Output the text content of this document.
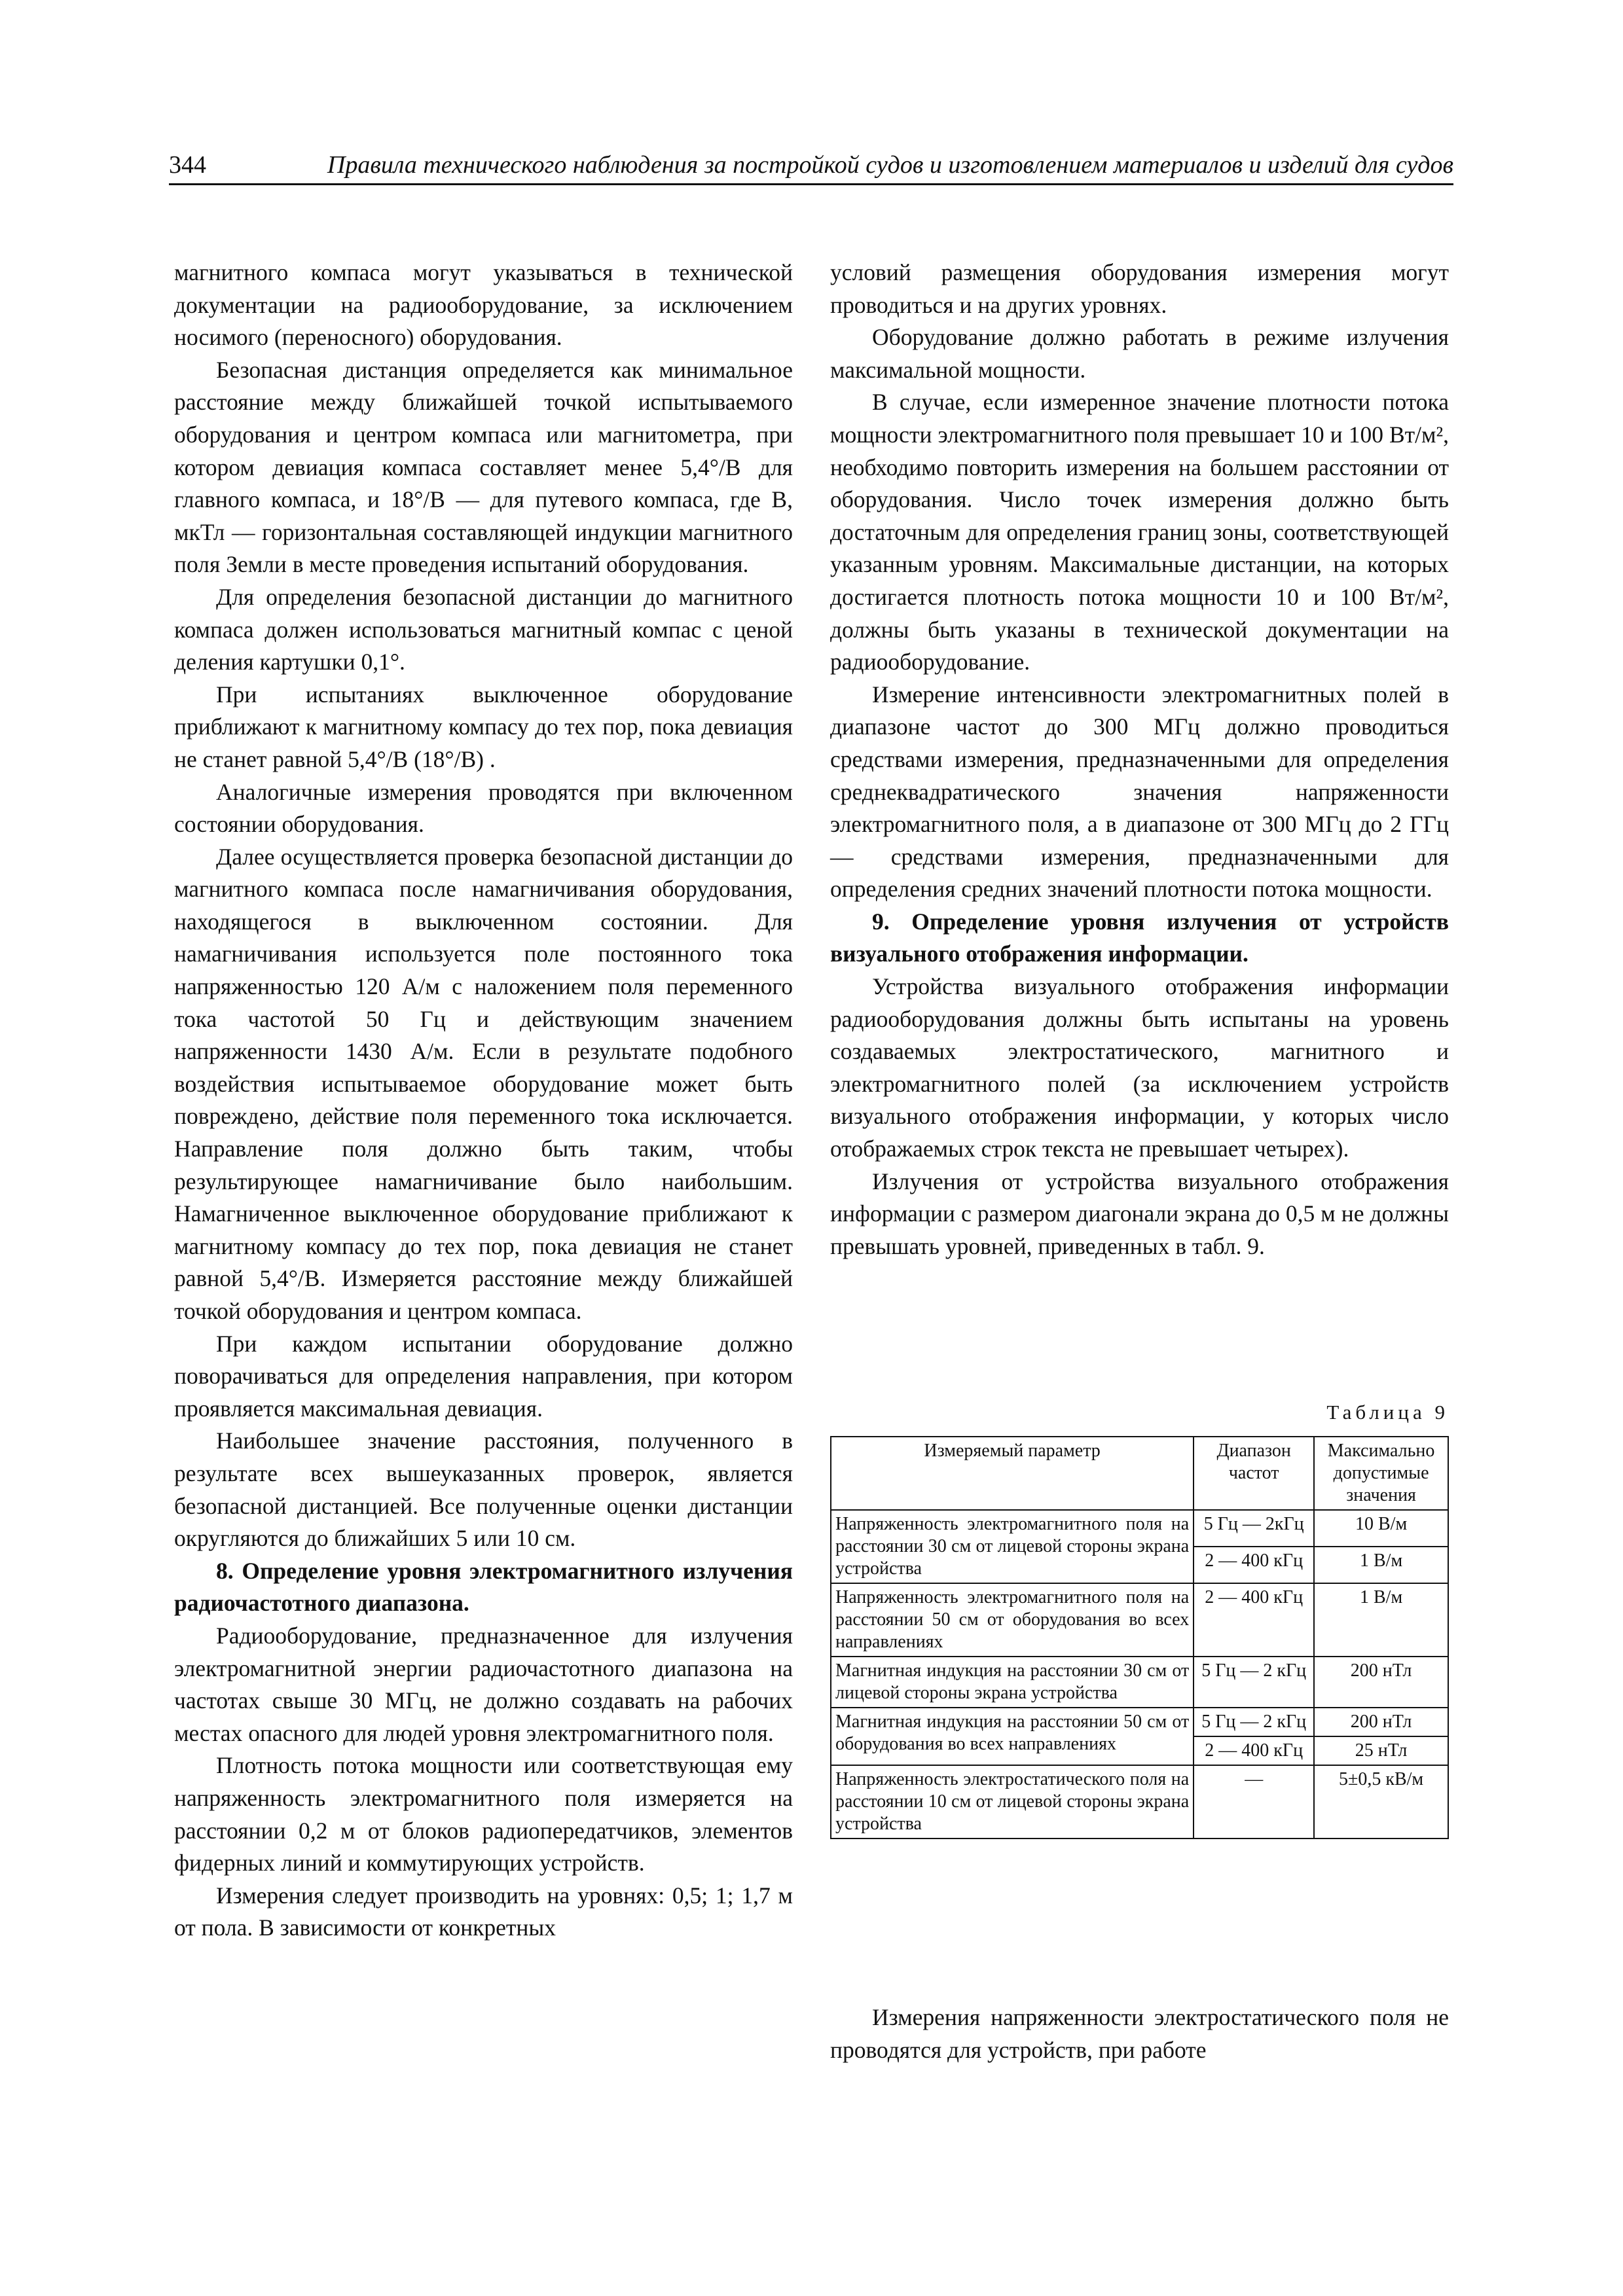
344	Правила технического наблюдения за постройкой судов и изготовлением материалов и изделий для судов

магнитного компаса могут указываться в технической документации на радиооборудование, за исключением носимого (переносного) оборудования.

Безопасная дистанция определяется как минимальное расстояние между ближайшей точкой испытываемого оборудования и центром компаса или магнитометра, при котором девиация компаса составляет менее 5,4°/B для главного компаса, и 18°/B — для путевого компаса, где B, мкТл — горизонтальная составляющей индукции магнитного поля Земли в месте проведения испытаний оборудования.

Для определения безопасной дистанции до магнитного компаса должен использоваться магнитный компас с ценой деления картушки 0,1°.

При испытаниях выключенное оборудование приближают к магнитному компасу до тех пор, пока девиация не станет равной 5,4°/B (18°/B) .

Аналогичные измерения проводятся при включенном состоянии оборудования.

Далее осуществляется проверка безопасной дистанции до магнитного компаса после намагничивания оборудования, находящегося в выключенном состоянии. Для намагничивания используется поле постоянного тока напряженностью 120 А/м с наложением поля переменного тока частотой 50 Гц и действующим значением напряженности 1430 А/м. Если в результате подобного воздействия испытываемое оборудование может быть повреждено, действие поля переменного тока исключается. Направление поля должно быть таким, чтобы результирующее намагничивание было наибольшим. Намагниченное выключенное оборудование приближают к магнитному компасу до тех пор, пока девиация не станет равной 5,4°/B. Измеряется расстояние между ближайшей точкой оборудования и центром компаса.

При каждом испытании оборудование должно поворачиваться для определения направления, при котором проявляется максимальная девиация.

Наибольшее значение расстояния, полученного в результате всех вышеуказанных проверок, является безопасной дистанцией. Все полученные оценки дистанции округляются до ближайших 5 или 10 см.

8. Определение уровня электромагнитного излучения радиочастотного диапазона.

Радиооборудование, предназначенное для излучения электромагнитной энергии радиочастотного диапазона на частотах свыше 30 МГц, не должно создавать на рабочих местах опасного для людей уровня электромагнитного поля.

Плотность потока мощности или соответствующая ему напряженность электромагнитного поля измеряется на расстоянии 0,2 м от блоков радиопередатчиков, элементов фидерных линий и коммутирующих устройств.

Измерения следует производить на уровнях: 0,5; 1; 1,7 м от пола. В зависимости от конкретных

условий размещения оборудования измерения могут проводиться и на других уровнях.

Оборудование должно работать в режиме излучения максимальной мощности.

В случае, если измеренное значение плотности потока мощности электромагнитного поля превышает 10 и 100 Вт/м², необходимо повторить измерения на большем расстоянии от оборудования. Число точек измерения должно быть достаточным для определения границ зоны, соответствующей указанным уровням. Максимальные дистанции, на которых достигается плотность потока мощности 10 и 100 Вт/м², должны быть указаны в технической документации на радиооборудование.

Измерение интенсивности электромагнитных полей в диапазоне частот до 300 МГц должно проводиться средствами измерения, предназначенными для определения среднеквадратического значения напряженности электромагнитного поля, а в диапазоне от 300 МГц до 2 ГГц — средствами измерения, предназначенными для определения средних значений плотности потока мощности.

9. Определение уровня излучения от устройств визуального отображения информации.

Устройства визуального отображения информации радиооборудования должны быть испытаны на уровень создаваемых электростатического, магнитного и электромагнитного полей (за исключением устройств визуального отображения информации, у которых число отображаемых строк текста не превышает четырех).

Излучения от устройства визуального отображения информации с размером диагонали экрана до 0,5 м не должны превышать уровней, приведенных в табл. 9.

Таблица 9
Измеряемый параметр	Диапазон частот	Максимально допустимые значения
Напряженность электромагнитного поля на расстоянии 30 см от лицевой стороны экрана устройства	5 Гц — 2кГц	10 В/м
	2 — 400 кГц	1 В/м
Напряженность электромагнитного поля на расстоянии 50 см от оборудования во всех направлениях	2 — 400 кГц	1 В/м
Магнитная индукция на расстоянии 30 см от лицевой стороны экрана устройства	5 Гц — 2 кГц	200 нТл
Магнитная индукция на расстоянии 50 см от оборудования во всех направлениях	5 Гц — 2 кГц	200 нТл
	2 — 400 кГц	25 нТл
Напряженность электростатического поля на расстоянии 10 см от лицевой стороны экрана устройства	—	5±0,5 кВ/м

Измерения напряженности электростатического поля не проводятся для устройств, при работе
